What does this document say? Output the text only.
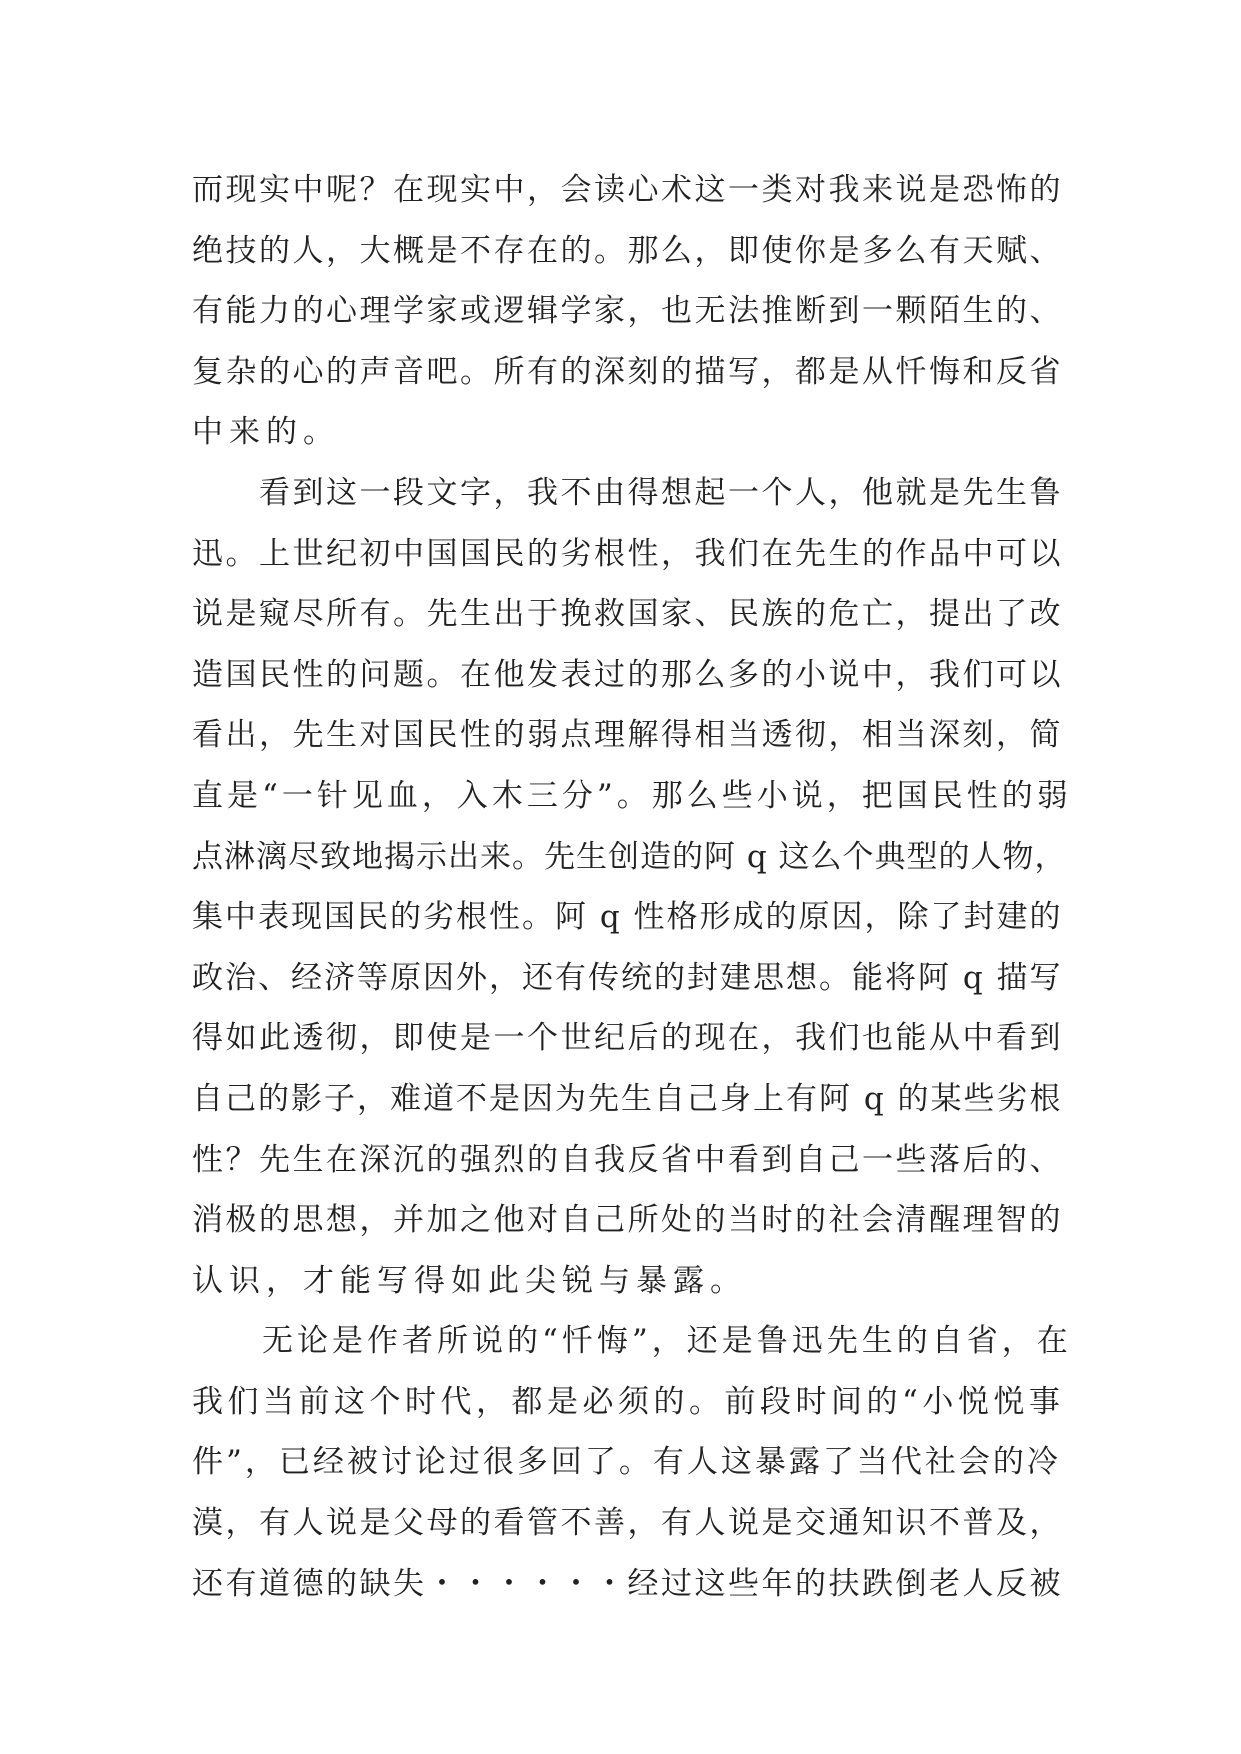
而现实中呢？在现实中，会读心术这一类对我来说是恐怖的
绝技的人，大概是不存在的。那么，即使你是多么有天赋、
有能力的心理学家或逻辑学家，也无法推断到一颗陌生的、
复杂的心的声音吧。所有的深刻的描写，都是从忏悔和反省
中来的。
　　看到这一段文字，我不由得想起一个人，他就是先生鲁
迅。上世纪初中国国民的劣根性，我们在先生的作品中可以
说是窥尽所有。先生出于挽救国家、民族的危亡，提出了改
造国民性的问题。在他发表过的那么多的小说中，我们可以
看出，先生对国民性的弱点理解得相当透彻，相当深刻，简
直是“一针见血，入木三分”。那么些小说，把国民性的弱
点淋漓尽致地揭示出来。先生创造的阿 q 这么个典型的人物，
集中表现国民的劣根性。阿 q 性格形成的原因，除了封建的
政治、经济等原因外，还有传统的封建思想。能将阿 q 描写
得如此透彻，即使是一个世纪后的现在，我们也能从中看到
自己的影子，难道不是因为先生自己身上有阿 q 的某些劣根
性？先生在深沉的强烈的自我反省中看到自己一些落后的、
消极的思想，并加之他对自己所处的当时的社会清醒理智的
认识，才能写得如此尖锐与暴露。
　　无论是作者所说的“忏悔”，还是鲁迅先生的自省，在
我们当前这个时代，都是必须的。前段时间的“小悦悦事
件”，已经被讨论过很多回了。有人这暴露了当代社会的冷
漠，有人说是父母的看管不善，有人说是交通知识不普及，
还有道德的缺失・・・・・・经过这些年的扶跌倒老人反被
